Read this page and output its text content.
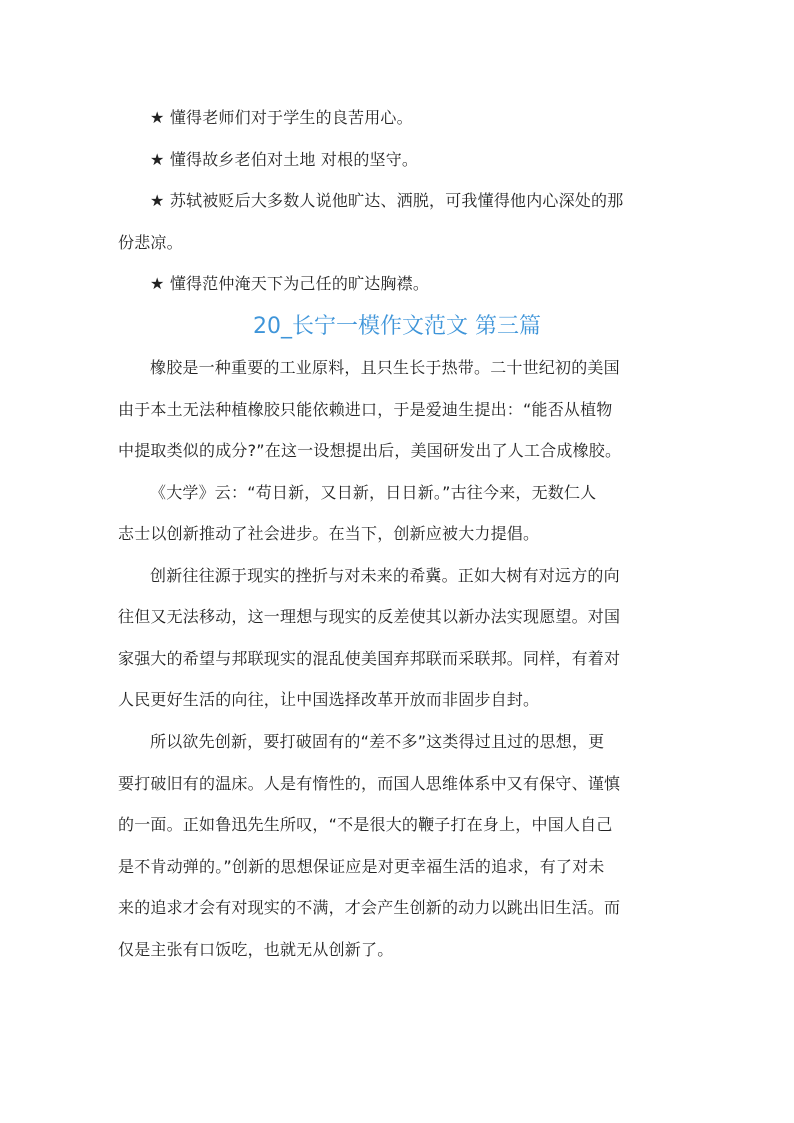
★ 懂得老师们对于学生的良苦用心。
★ 懂得故乡老伯对土地 对根的坚守。
★ 苏轼被贬后大多数人说他旷达、洒脱，可我懂得他内心深处的那
份悲凉。
★ 懂得范仲淹天下为己任的旷达胸襟。
20_长宁一模作文范文 第三篇
橡胶是一种重要的工业原料，且只生长于热带。二十世纪初的美国
由于本土无法种植橡胶只能依赖进口，于是爱迪生提出：“能否从植物
中提取类似的成分?”在这一设想提出后，美国研发出了人工合成橡胶。
《大学》云：“苟日新，又日新，日日新。”古往今来，无数仁人
志士以创新推动了社会进步。在当下，创新应被大力提倡。
创新往往源于现实的挫折与对未来的希冀。正如大树有对远方的向
往但又无法移动，这一理想与现实的反差使其以新办法实现愿望。对国
家强大的希望与邦联现实的混乱使美国弃邦联而采联邦。同样，有着对
人民更好生活的向往，让中国选择改革开放而非固步自封。
所以欲先创新，要打破固有的“差不多”这类得过且过的思想，更
要打破旧有的温床。人是有惰性的，而国人思维体系中又有保守、谨慎
的一面。正如鲁迅先生所叹，“不是很大的鞭子打在身上，中国人自己
是不肯动弹的。”创新的思想保证应是对更幸福生活的追求，有了对未
来的追求才会有对现实的不满，才会产生创新的动力以跳出旧生活。而
仅是主张有口饭吃，也就无从创新了。
